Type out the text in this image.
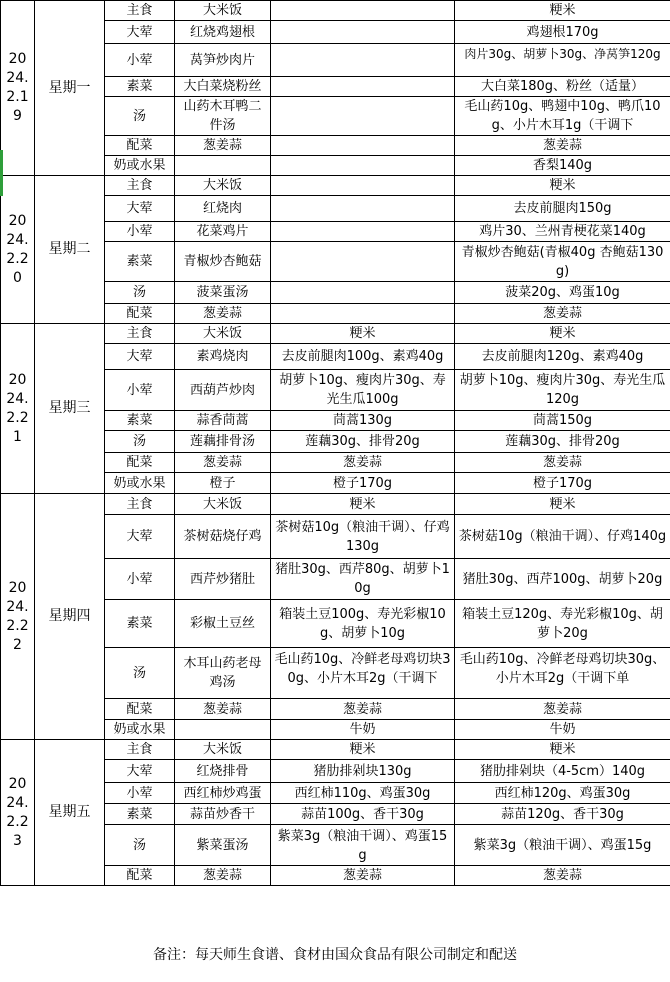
2024.2.19	星期一	主食	大米饭		粳米
		大荤	红烧鸡翅根		鸡翅根170g
		小荤	莴笋炒肉片		肉片30g、胡萝卜30g、净莴笋120g
		素菜	大白菜烧粉丝		大白菜180g、粉丝（适量）
		汤	山药木耳鸭二件汤		毛山药10g、鸭翅中10g、鸭爪10g、小片木耳1g（干调下
		配菜	葱姜蒜		葱姜蒜
		奶或水果			香梨140g
2024.2.20	星期二	主食	大米饭		粳米
		大荤	红烧肉		去皮前腿肉150g
		小荤	花菜鸡片		鸡片30、兰州青梗花菜140g
		素菜	青椒炒杏鲍菇		青椒炒杏鲍菇(青椒40g 杏鲍菇130g)
		汤	菠菜蛋汤		菠菜20g、鸡蛋10g
		配菜	葱姜蒜		葱姜蒜
2024.2.21	星期三	主食	大米饭	粳米	粳米
		大荤	素鸡烧肉	去皮前腿肉100g、素鸡40g	去皮前腿肉120g、素鸡40g
		小荤	西葫芦炒肉	胡萝卜10g、瘦肉片30g、寿光生瓜100g	胡萝卜10g、瘦肉片30g、寿光生瓜120g
		素菜	蒜香茼蒿	茼蒿130g	茼蒿150g
		汤	莲藕排骨汤	莲藕30g、排骨20g	莲藕30g、排骨20g
		配菜	葱姜蒜	葱姜蒜	葱姜蒜
		奶或水果	橙子	橙子170g	橙子170g
2024.2.22	星期四	主食	大米饭	粳米	粳米
		大荤	茶树菇烧仔鸡	茶树菇10g（粮油干调）、仔鸡130g	茶树菇10g（粮油干调）、仔鸡140g
		小荤	西芹炒猪肚	猪肚30g、西芹80g、胡萝卜10g	猪肚30g、西芹100g、胡萝卜20g
		素菜	彩椒土豆丝	箱装土豆100g、寿光彩椒10g、胡萝卜10g	箱装土豆120g、寿光彩椒10g、胡萝卜20g
		汤	木耳山药老母鸡汤	毛山药10g、冷鲜老母鸡切块30g、小片木耳2g（干调下	毛山药10g、冷鲜老母鸡切块30g、小片木耳2g（干调下单
		配菜	葱姜蒜	葱姜蒜	葱姜蒜
		奶或水果		牛奶	牛奶
2024.2.23	星期五	主食	大米饭	粳米	粳米
		大荤	红烧排骨	猪肋排剁块130g	猪肋排剁块（4-5cm）140g
		小荤	西红柿炒鸡蛋	西红柿110g、鸡蛋30g	西红柿120g、鸡蛋30g
		素菜	蒜苗炒香干	蒜苗100g、香干30g	蒜苗120g、香干30g
		汤	紫菜蛋汤	紫菜3g（粮油干调）、鸡蛋15g	紫菜3g（粮油干调）、鸡蛋15g
		配菜	葱姜蒜	葱姜蒜	葱姜蒜
备注：每天师生食谱、食材由国众食品有限公司制定和配送
